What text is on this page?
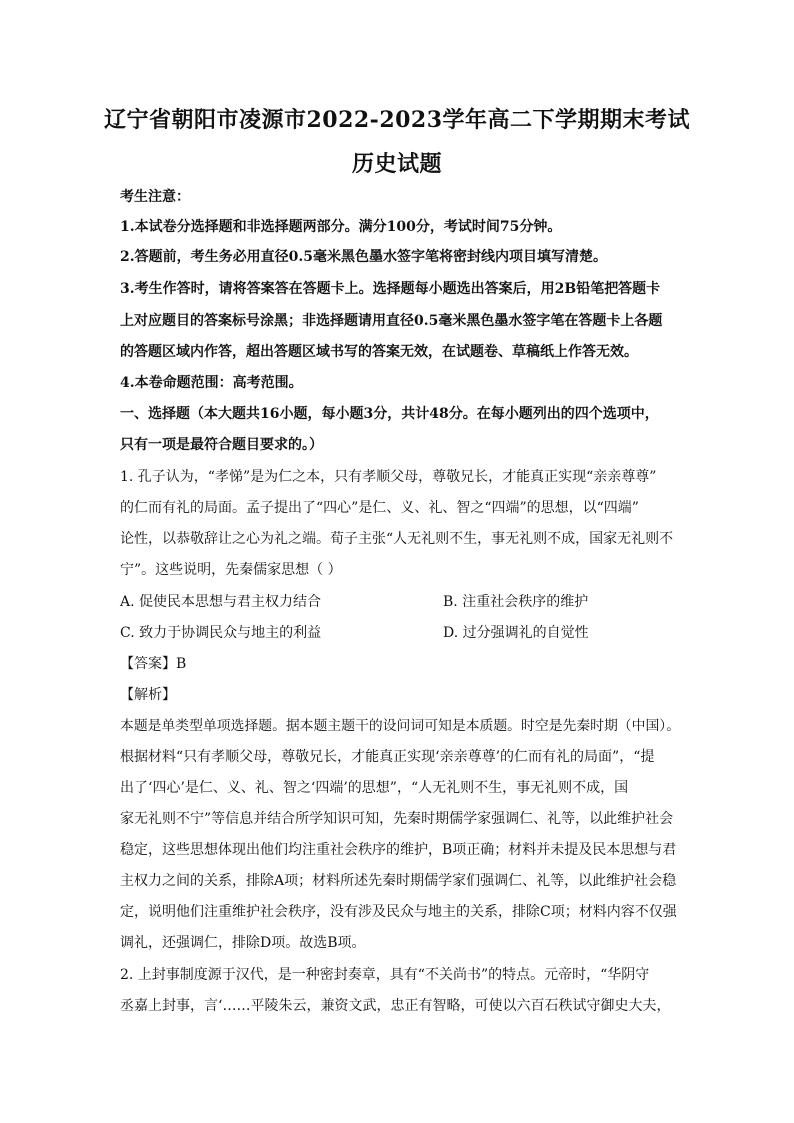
辽宁省朝阳市凌源市2022-2023学年高二下学期期末考试
历史试题
考生注意：
1.本试卷分选择题和非选择题两部分。满分100分，考试时间75分钟。
2.答题前，考生务必用直径0.5毫米黑色墨水签字笔将密封线内项目填写清楚。
3.考生作答时，请将答案答在答题卡上。选择题每小题选出答案后，用2B铅笔把答题卡
上对应题目的答案标号涂黑；非选择题请用直径0.5毫米黑色墨水签字笔在答题卡上各题
的答题区域内作答，超出答题区域书写的答案无效，在试题卷、草稿纸上作答无效。
4.本卷命题范围：高考范围。
一、选择题（本大题共16小题，每小题3分，共计48分。在每小题列出的四个选项中，
只有一项是最符合题目要求的。）
1. 孔子认为，“孝悌”是为仁之本，只有孝顺父母，尊敬兄长，才能真正实现“亲亲尊尊”
的仁而有礼的局面。孟子提出了“四心”是仁、义、礼、智之“四端”的思想，以“四端”
论性，以恭敬辞让之心为礼之端。荀子主张“人无礼则不生，事无礼则不成，国家无礼则不
宁”。这些说明，先秦儒家思想（ ）
A. 促使民本思想与君主权力结合	B. 注重社会秩序的维护
C. 致力于协调民众与地主的利益	D. 过分强调礼的自觉性
【答案】B
【解析】
本题是单类型单项选择题。据本题主题干的设问词可知是本质题。时空是先秦时期（中国）。
根据材料“只有孝顺父母，尊敬兄长，才能真正实现‘亲亲尊尊’的仁而有礼的局面”，“提
出了‘四心’是仁、义、礼、智之‘四端’的思想”，“人无礼则不生，事无礼则不成，国
家无礼则不宁”等信息并结合所学知识可知，先秦时期儒学家强调仁、礼等，以此维护社会
稳定，这些思想体现出他们均注重社会秩序的维护，B项正确；材料并未提及民本思想与君
主权力之间的关系，排除A项；材料所述先秦时期儒学家们强调仁、礼等，以此维护社会稳
定，说明他们注重维护社会秩序，没有涉及民众与地主的关系，排除C项；材料内容不仅强
调礼，还强调仁，排除D项。故选B项。
2. 上封事制度源于汉代，是一种密封奏章，具有“不关尚书”的特点。元帝时，“华阴守
丞嘉上封事，言‘……平陵朱云，兼资文武，忠正有智略，可使以六百石秩试守御史大夫，
